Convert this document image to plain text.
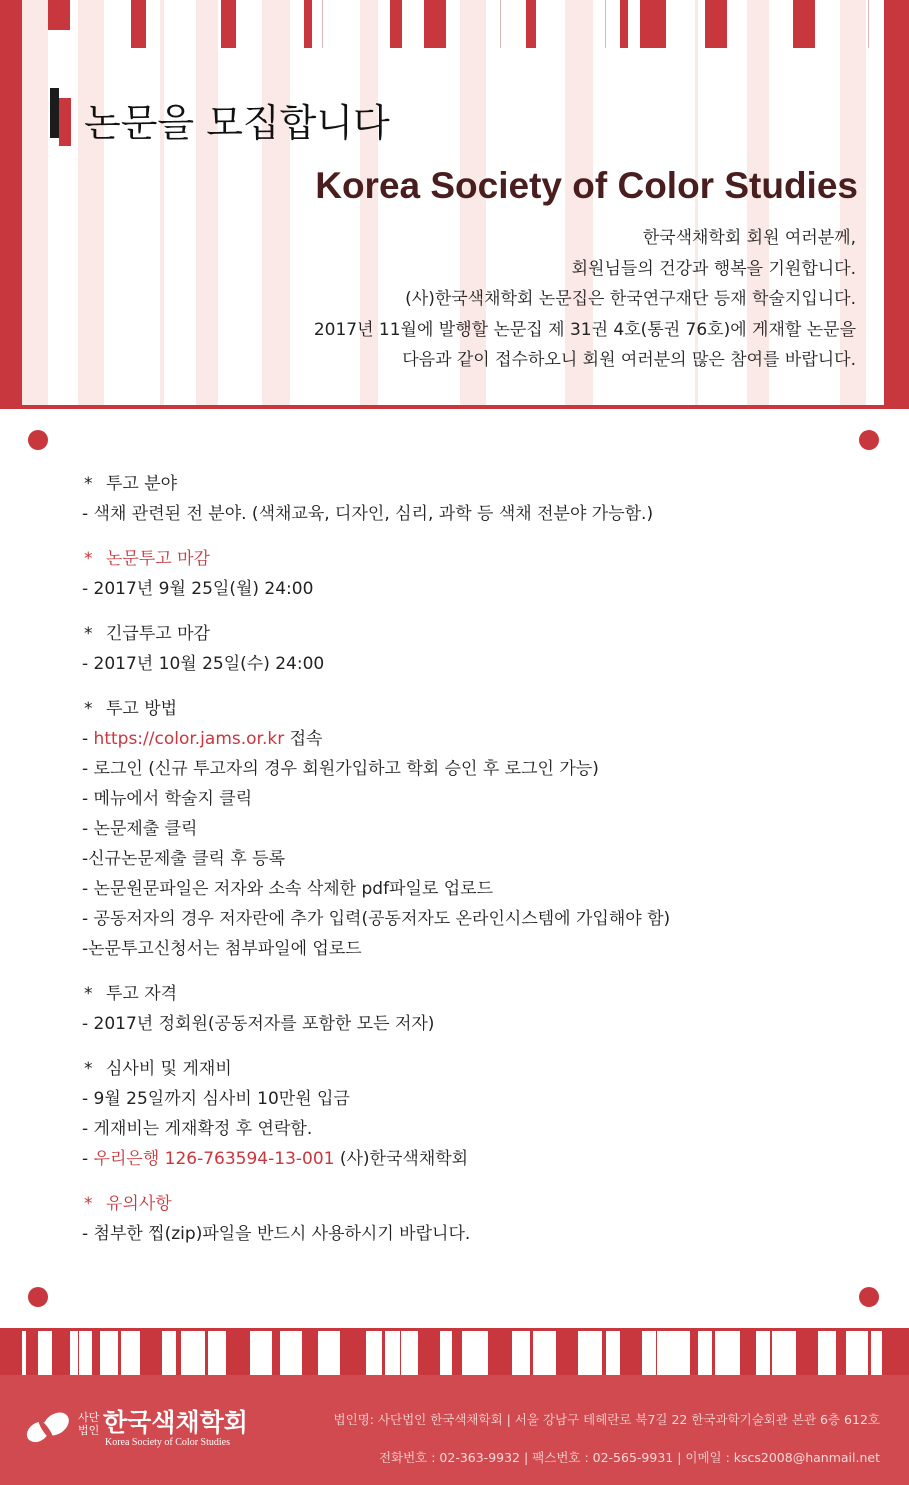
논문을 모집합니다
Korea Society of Color Studies
한국색채학회 회원 여러분께,
회원님들의 건강과 행복을 기원합니다.
(사)한국색채학회 논문집은 한국연구재단 등재 학술지입니다.
2017년 11월에 발행할 논문집 제 31권 4호(통권 76호)에 게재할 논문을
다음과 같이 접수하오니 회원 여러분의 많은 참여를 바랍니다.
* 투고 분야
- 색채 관련된 전 분야. (색채교육, 디자인, 심리, 과학 등 색채 전분야 가능함.)
* 논문투고 마감
- 2017년 9월 25일(월) 24:00
* 긴급투고 마감
- 2017년 10월 25일(수) 24:00
* 투고 방법
- https://color.jams.or.kr 접속
- 로그인 (신규 투고자의 경우 회원가입하고 학회 승인 후 로그인 가능)
- 메뉴에서 학술지 클릭
- 논문제출 클릭
-신규논문제출 클릭 후 등록
- 논문원문파일은 저자와 소속 삭제한 pdf파일로 업로드
- 공동저자의 경우 저자란에 추가 입력(공동저자도 온라인시스템에 가입해야 함)
-논문투고신청서는 첨부파일에 업로드
* 투고 자격
- 2017년 정회원(공동저자를 포함한 모든 저자)
* 심사비 및 게재비
- 9월 25일까지 심사비 10만원 입금
- 게재비는 게재확정 후 연락함.
- 우리은행 126-763594-13-001 (사)한국색채학회
* 유의사항
- 첨부한 찝(zip)파일을 반드시 사용하시기 바랍니다.
사단
법인 한국색채학회
Korea Society of Color Studies
법인명: 사단법인 한국색채학회 | 서울 강남구 테헤란로 북7길 22 한국과학기술회관 본관 6층 612호
전화번호 : 02-363-9932 | 팩스번호 : 02-565-9931 | 이메일 : kscs2008@hanmail.net
